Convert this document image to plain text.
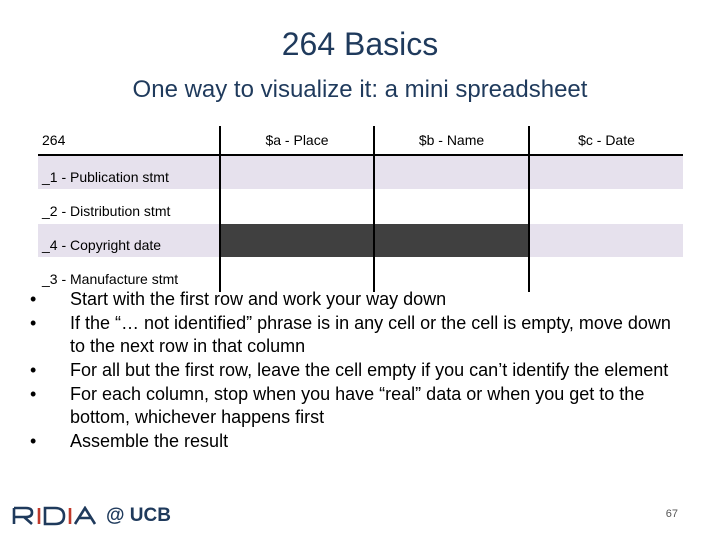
264 Basics
One way to visualize it: a mini spreadsheet
264	$a - Place	$b - Name	$c - Date
_1 - Publication stmt			
_2 - Distribution stmt			
_4 - Copyright date			
_3 - Manufacture stmt			
•	Start with the first row and work your way down
•	If the “… not identified” phrase is in any cell or the cell is empty, move down to the next row in that column
•	For all but the first row, leave the cell empty if you can’t identify the element
•	For each column, stop when you have “real” data or when you get to the bottom, whichever happens first
•	Assemble the result
@ UCB	67
